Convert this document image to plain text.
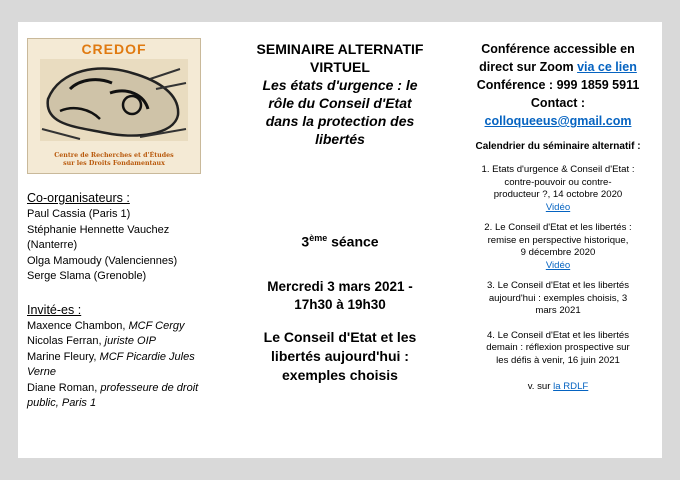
CREDOF
Centre de Recherches et d'Études
sur les Droits Fondamentaux
Co-organisateurs :
Paul Cassia (Paris 1)
Stéphanie Hennette Vauchez
(Nanterre)
Olga Mamoudy (Valenciennes)
Serge Slama (Grenoble)
Invité-es :
Maxence Chambon, MCF Cergy
Nicolas Ferran, juriste OIP
Marine Fleury, MCF Picardie Jules
Verne
Diane Roman, professeure de droit
public, Paris 1
SEMINAIRE ALTERNATIF
VIRTUEL
Les états d'urgence : le
rôle du Conseil d'Etat
dans la protection des
libertés
3ème séance
Mercredi 3 mars 2021 -
17h30 à 19h30
Le Conseil d'Etat et les
libertés aujourd'hui :
exemples choisis
Conférence accessible en
direct sur Zoom via ce lien
Conférence : 999 1859 5911
Contact :
colloqueeus@gmail.com
Calendrier du séminaire alternatif :
1. Etats d'urgence & Conseil d'Etat :
contre-pouvoir ou contre-
producteur ?, 14 octobre 2020
Vidéo
2. Le Conseil d'Etat et les libertés :
remise en perspective historique,
9 décembre 2020
Vidéo
3. Le Conseil d'Etat et les libertés
aujourd'hui : exemples choisis, 3
mars 2021
4. Le Conseil d'Etat et les libertés
demain : réflexion prospective sur
les défis à venir, 16 juin 2021
v. sur la RDLF
